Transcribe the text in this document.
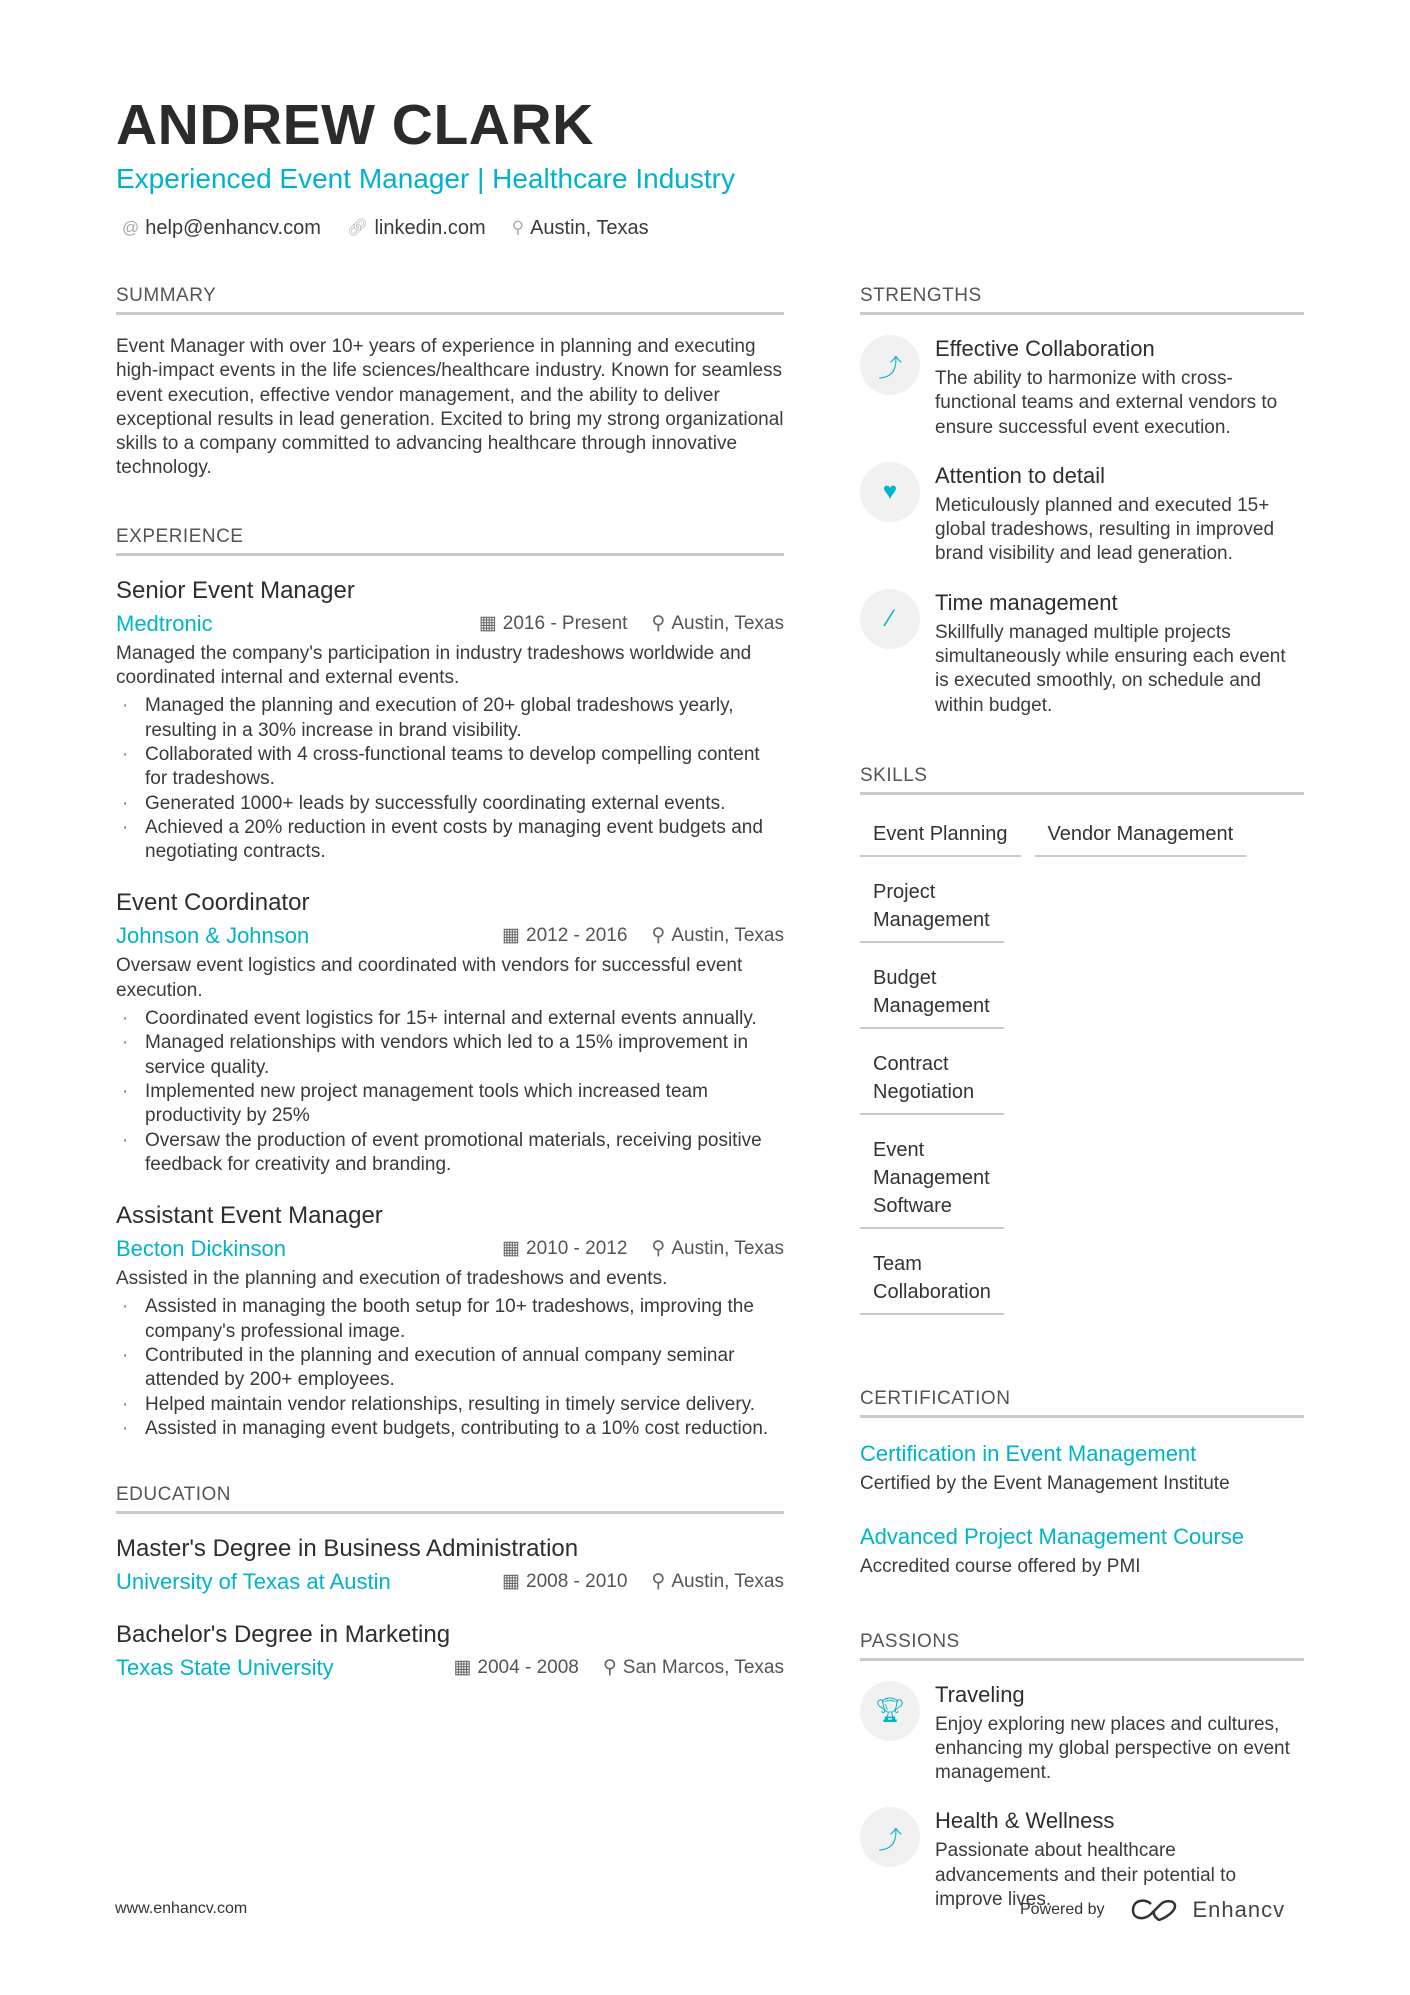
ANDREW CLARK
Experienced Event Manager | Healthcare Industry
@ help@enhancv.com 🔗︎ linkedin.com ⚲ Austin, Texas
SUMMARY
Event Manager with over 10+ years of experience in planning and executing high-impact events in the life sciences/healthcare industry. Known for seamless event execution, effective vendor management, and the ability to deliver exceptional results in lead generation. Excited to bring my strong organizational skills to a company committed to advancing healthcare through innovative technology.
EXPERIENCE
Senior Event Manager
Medtronic	▦ 2016 - Present ⚲ Austin, Texas
Managed the company's participation in industry tradeshows worldwide and coordinated internal and external events.
· Managed the planning and execution of 20+ global tradeshows yearly, resulting in a 30% increase in brand visibility.
· Collaborated with 4 cross-functional teams to develop compelling content for tradeshows.
· Generated 1000+ leads by successfully coordinating external events.
· Achieved a 20% reduction in event costs by managing event budgets and negotiating contracts.
Event Coordinator
Johnson & Johnson	▦ 2012 - 2016 ⚲ Austin, Texas
Oversaw event logistics and coordinated with vendors for successful event execution.
· Coordinated event logistics for 15+ internal and external events annually.
· Managed relationships with vendors which led to a 15% improvement in service quality.
· Implemented new project management tools which increased team productivity by 25%
· Oversaw the production of event promotional materials, receiving positive feedback for creativity and branding.
Assistant Event Manager
Becton Dickinson	▦ 2010 - 2012 ⚲ Austin, Texas
Assisted in the planning and execution of tradeshows and events.
· Assisted in managing the booth setup for 10+ tradeshows, improving the company's professional image.
· Contributed in the planning and execution of annual company seminar attended by 200+ employees.
· Helped maintain vendor relationships, resulting in timely service delivery.
· Assisted in managing event budgets, contributing to a 10% cost reduction.
EDUCATION
Master's Degree in Business Administration
University of Texas at Austin	▦ 2008 - 2010 ⚲ Austin, Texas
Bachelor's Degree in Marketing
Texas State University	▦ 2004 - 2008 ⚲ San Marcos, Texas
STRENGTHS
⤴
Effective Collaboration
The ability to harmonize with cross-functional teams and external vendors to ensure successful event execution.
♥
Attention to detail
Meticulously planned and executed 15+ global tradeshows, resulting in improved brand visibility and lead generation.
⁄
Time management
Skillfully managed multiple projects simultaneously while ensuring each event is executed smoothly, on schedule and within budget.
SKILLS
Event Planning	Vendor Management
Project Management
Budget Management
Contract Negotiation
Event Management Software
Team Collaboration
CERTIFICATION
Certification in Event Management
Certified by the Event Management Institute
Advanced Project Management Course
Accredited course offered by PMI
PASSIONS
🏆︎
Traveling
Enjoy exploring new places and cultures, enhancing my global perspective on event management.
⤴
Health & Wellness
Passionate about healthcare advancements and their potential to improve lives.
www.enhancv.com	Powered by	Enhancv
